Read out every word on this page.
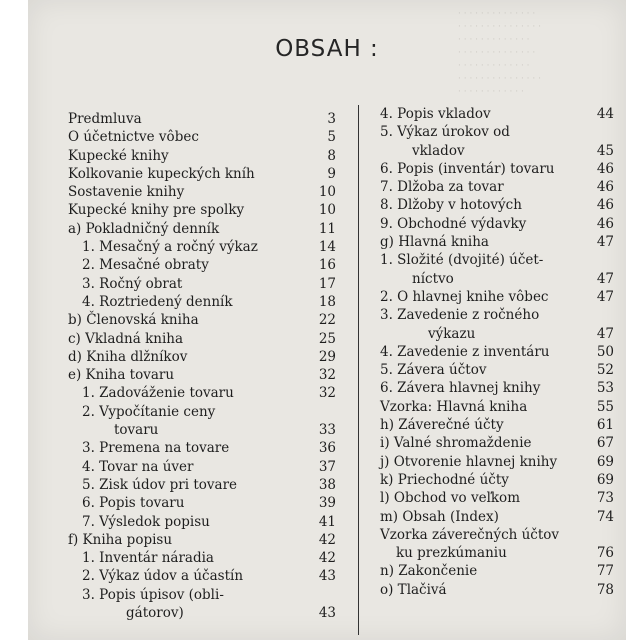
· · · · · · · · · · · · · ·
· · · · · · · · · · · · · · ·
· · · · · · · · · · · · ·
· · · · · · · · · · · · · ·
· · · · · · · · · · · · ·
· · · · · · · · · · · · · · ·
· · · · · · · · · · · ·
OBSAH :
Predmluva	3
O účetnictve vôbec	5
Kupecké knihy	8
Kolkovanie kupeckých kníh	9
Sostavenie knihy	10
Kupecké knihy pre spolky	10
a) Pokladničný denník	11
1. Mesačný a ročný výkaz	14
2. Mesačné obraty	16
3. Ročný obrat	17
4. Roztriedený denník	18
b) Členovská kniha	22
c) Vkladná kniha	25
d) Kniha dlžníkov	29
e) Kniha tovaru	32
1. Zadováženie tovaru	32
2. Vypočítanie ceny
tovaru	33
3. Premena na tovare	36
4. Tovar na úver	37
5. Zisk údov pri tovare	38
6. Popis tovaru	39
7. Výsledok popisu	41
f) Kniha popisu	42
1. Inventár náradia	42
2. Výkaz údov a účastín	43
3. Popis úpisov (obli-
gátorov)	43
4. Popis vkladov	44
5. Výkaz úrokov od
vkladov	45
6. Popis (inventár) tovaru	46
7. Dlžoba za tovar	46
8. Dlžoby v hotových	46
9. Obchodné výdavky	46
g) Hlavná kniha	47
1. Složité (dvojité) účet-
níctvo	47
2. O hlavnej knihe vôbec	47
3. Zavedenie z ročného
výkazu	47
4. Zavedenie z inventáru	50
5. Závera účtov	52
6. Závera hlavnej knihy	53
Vzorka: Hlavná kniha	55
h) Záverečné účty	61
i) Valné shromaždenie	67
j) Otvorenie hlavnej knihy	69
k) Priechodné účty	69
l) Obchod vo veľkom	73
m) Obsah (Index)	74
Vzorka záverečných účtov
ku prezkúmaniu	76
n) Zakončenie	77
o) Tlačivá	78
